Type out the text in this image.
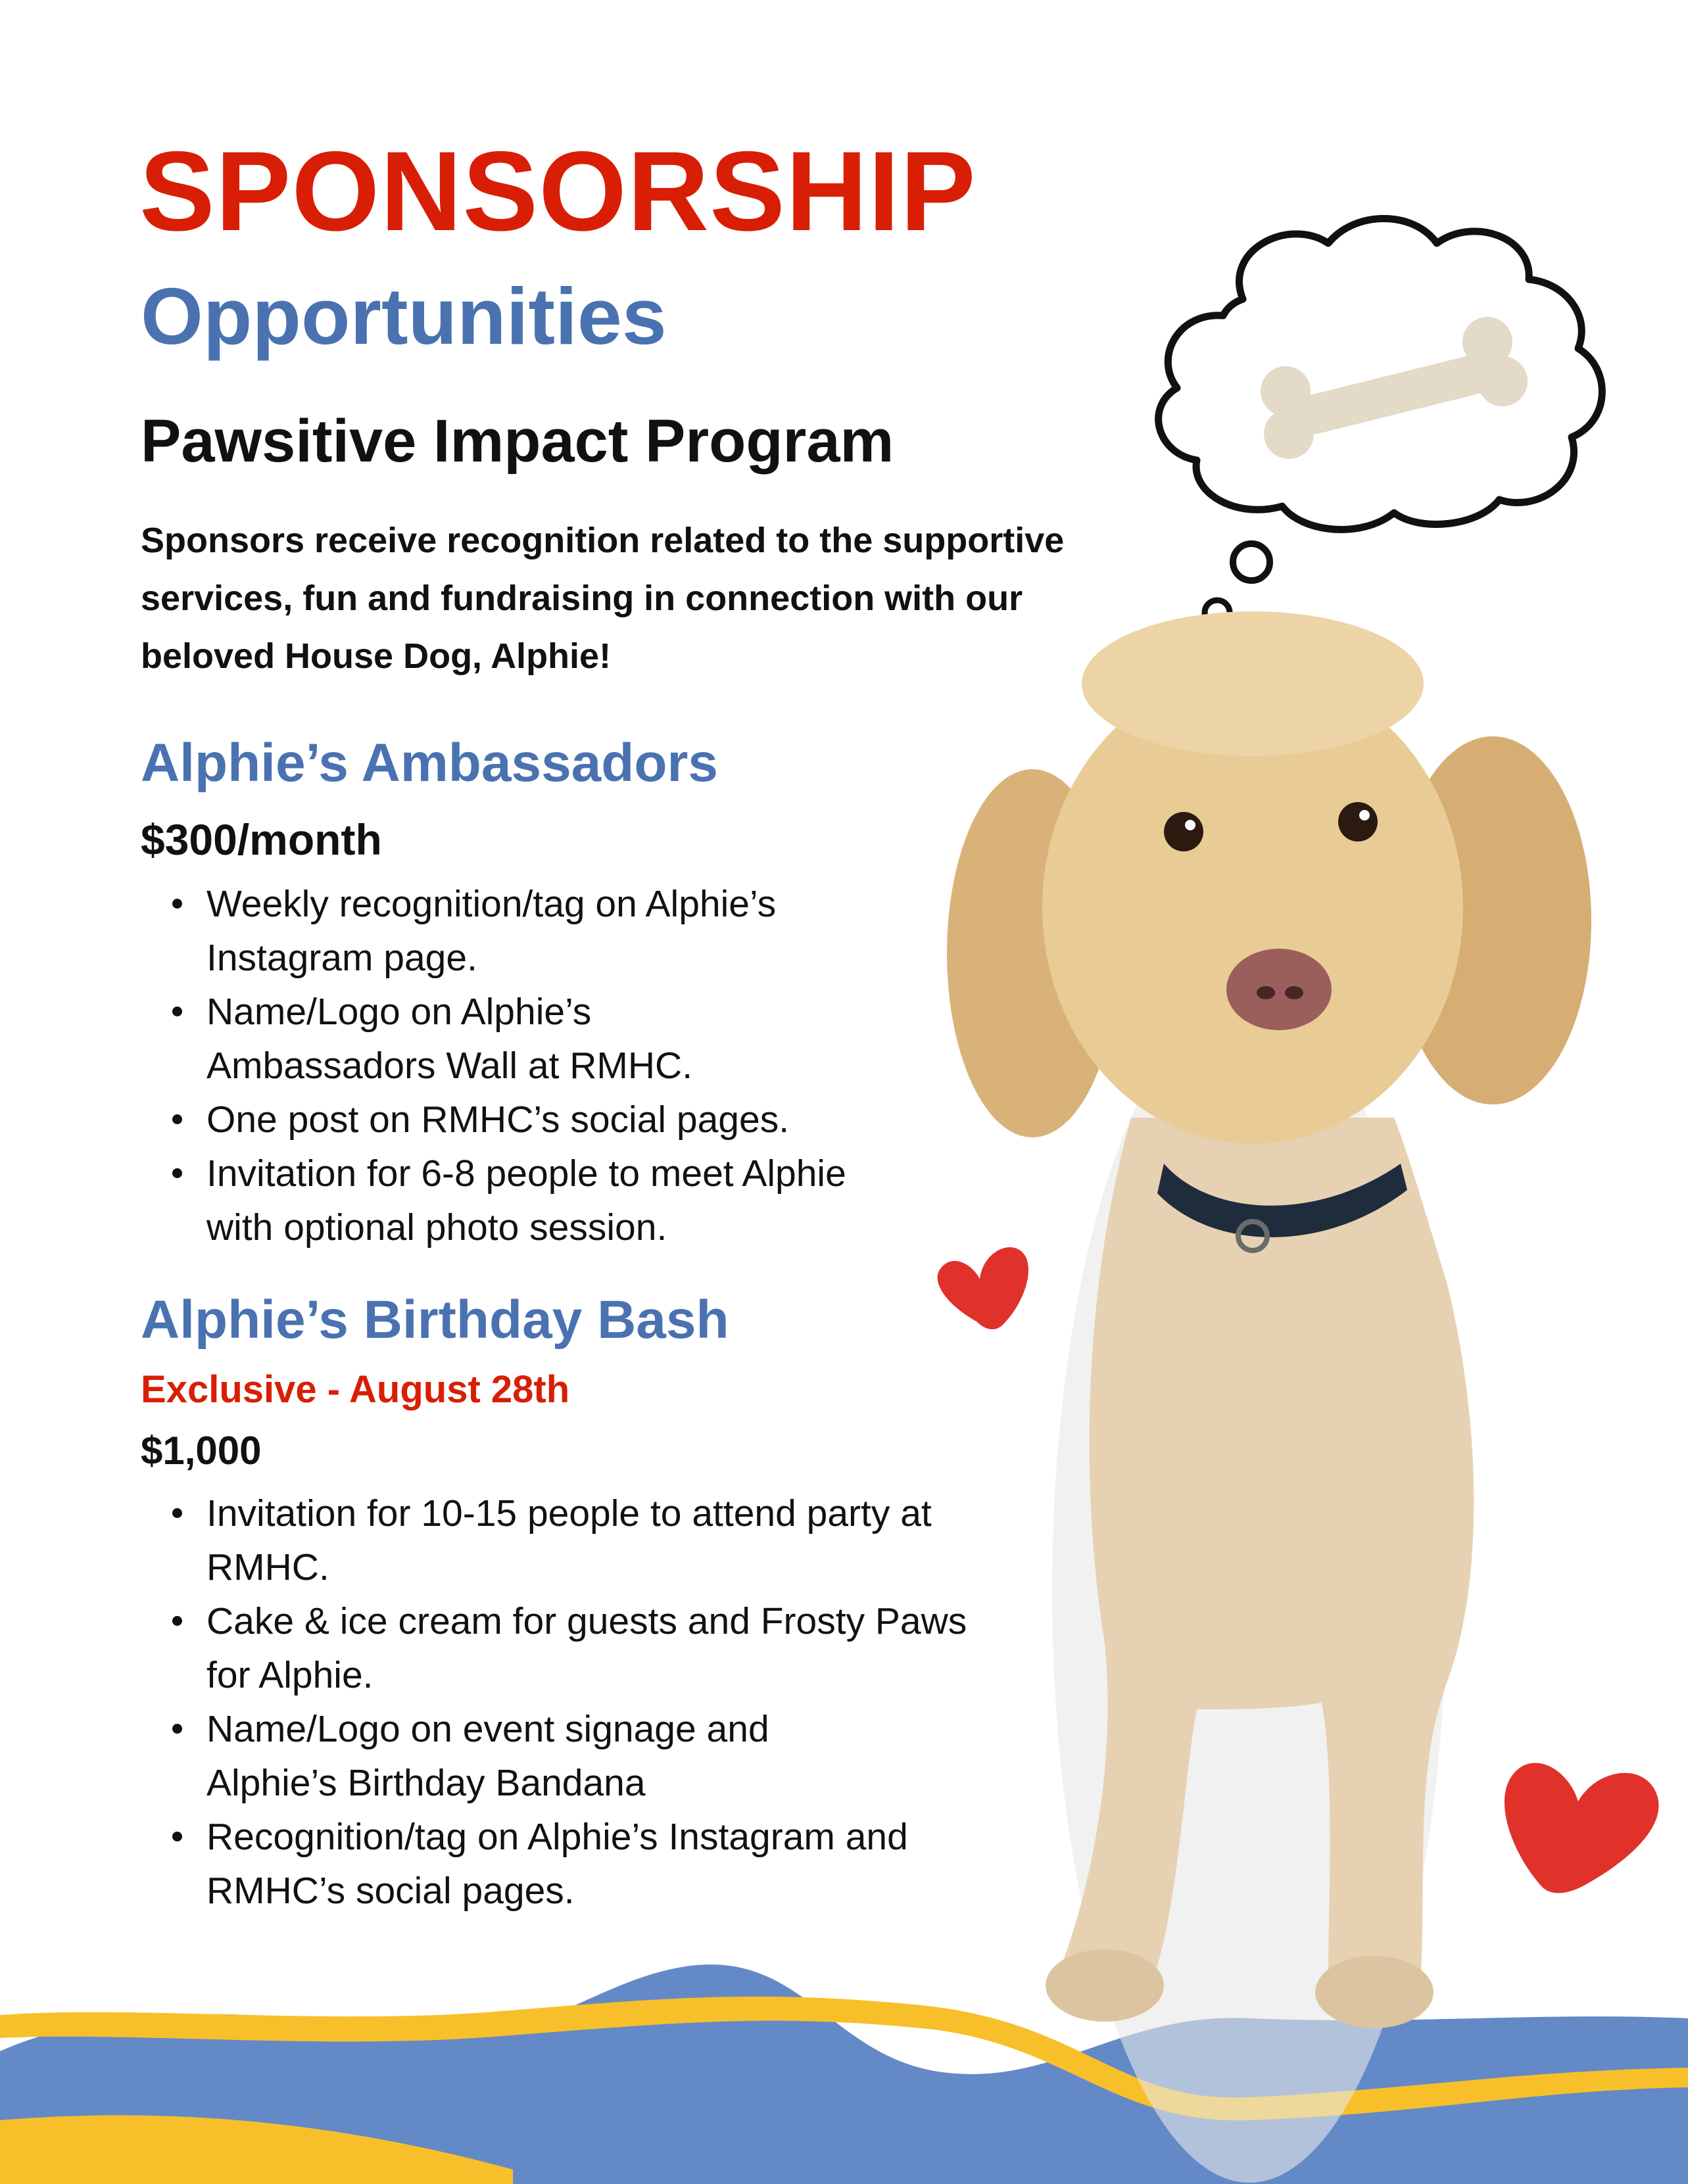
SPONSORSHIP
Opportunities
Pawsitive Impact Program

Sponsors receive recognition related to the supportive services, fun and fundraising in connection with our beloved House Dog, Alphie!

Alphie’s Ambassadors

$300/month

Weekly recognition/tag on Alphie’s Instagram page.
Name/Logo on Alphie’s Ambassadors Wall at RMHC.
One post on RMHC’s social pages.
Invitation for 6-8 people to meet Alphie with optional photo session.
Alphie’s Birthday Bash

Exclusive - August 28th

$1,000

Invitation for 10-15 people to attend party at RMHC.
Cake & ice cream for guests and Frosty Paws for Alphie.
Name/Logo on event signage and Alphie’s Birthday Bandana
Recognition/tag on Alphie’s Instagram and RMHC’s social pages.
